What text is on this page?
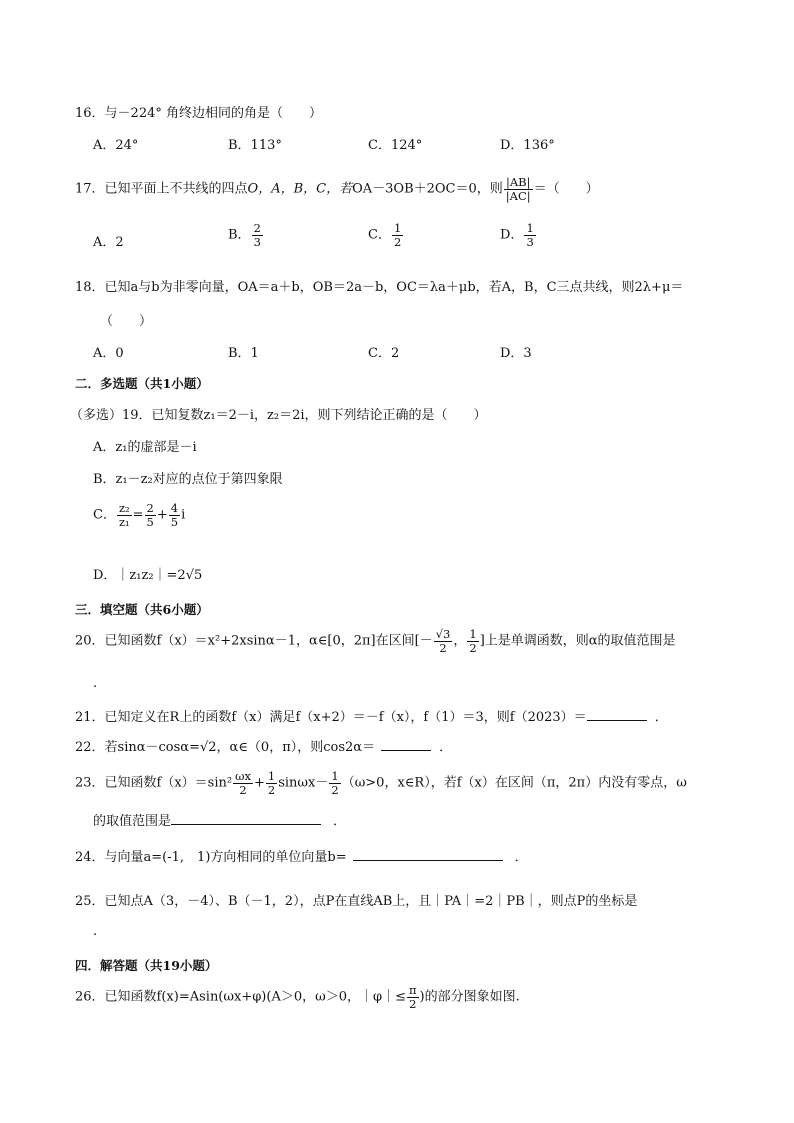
16．与－224° 角终边相同的角是（　　）
A．24°	B．113°	C．124°	D．136°
17．已知平面上不共线的四点O，A，B，C，若OA－3OB＋2OC＝0，则 $\frac{|AB|}{|AC|}$ ＝（　　）
A．2	B． $\frac{2}{3}$	C． $\frac{1}{2}$	D． $\frac{1}{3}$
18．已知a与b为非零向量，OA＝a＋b，OB＝2a－b，OC＝λa＋μb，若A，B，C三点共线，则2λ+μ＝
（　　）
A．0	B．1	C．2	D．3
二．多选题（共1小题）
（多选）19．已知复数z₁＝2－i，z₂＝2i，则下列结论正确的是（　　）
A．z₁的虚部是－i
B．z₁－z₂对应的点位于第四象限
C． $\frac{\text{z₂}}{\text{z₁}} = \frac{2}{5} + \frac{4}{5}$ i
D．｜z₁z₂｜=2√5
三．填空题（共6小题）
20．已知函数f（x）＝x²+2xsinα－1，α∈[0，2π]在区间[－ $\frac{√3}{2}$ ， $\frac{1}{2}$ ]上是单调函数，则α的取值范围是
.
21．已知定义在R上的函数f（x）满足f（x+2）＝－f（x），f（1）＝3，则f（2023）＝	．
22．若sinα－cosα=√2，α∈（0，π），则cos2α＝	．
23．已知函数$f(x)=\sin^2 \frac{\omega x}{2} + \frac{1}{2} \sin\omega x- \frac{1}{2} (\omega>0$，x∈R），若f（x）在区间（π，2π）内没有零点，ω
的取值范围是	．
24．与向量a=(-1,　1)方向相同的单位向量b=	．
25．已知点A（3，－4）、B（－1，2），点P在直线AB上，且｜PA｜=2｜PB｜，则点P的坐标是
.
四．解答题（共19小题）
26．已知函数f(x)=Asin(ωx+φ)(A＞0，ω＞0，｜φ｜≤ $\frac{\pi}{2}$ )的部分图象如图.
